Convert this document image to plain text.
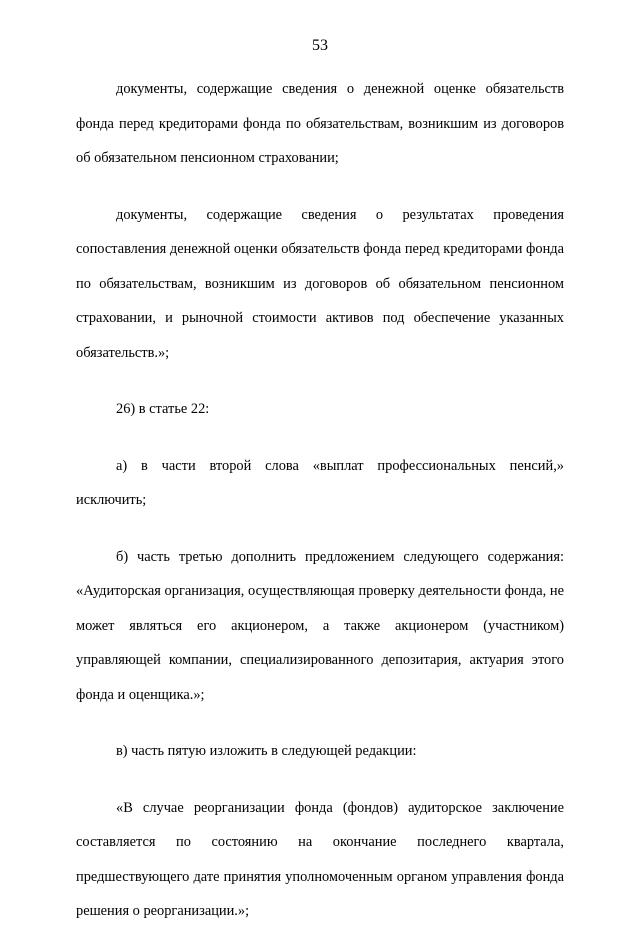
53

документы, содержащие сведения о денежной оценке обязательств фонда перед кредиторами фонда по обязательствам, возникшим из договоров об обязательном пенсионном страховании;

документы, содержащие сведения о результатах проведения сопоставления денежной оценки обязательств фонда перед кредиторами фонда по обязательствам, возникшим из договоров об обязательном пенсионном страховании, и рыночной стоимости активов под обеспечение указанных обязательств.»;

26) в статье 22:

а) в части второй слова «выплат профессиональных пенсий,» исключить;

б) часть третью дополнить предложением следующего содержания: «Аудиторская организация, осуществляющая проверку деятельности фонда, не может являться его акционером, а также акционером (участником) управляющей компании, специализированного депозитария, актуария этого фонда и оценщика.»;

в) часть пятую изложить в следующей редакции:

«В случае реорганизации фонда (фондов) аудиторское заключение составляется по состоянию на окончание последнего квартала, предшествующего дате принятия уполномоченным органом управления фонда решения о реорганизации.»;
